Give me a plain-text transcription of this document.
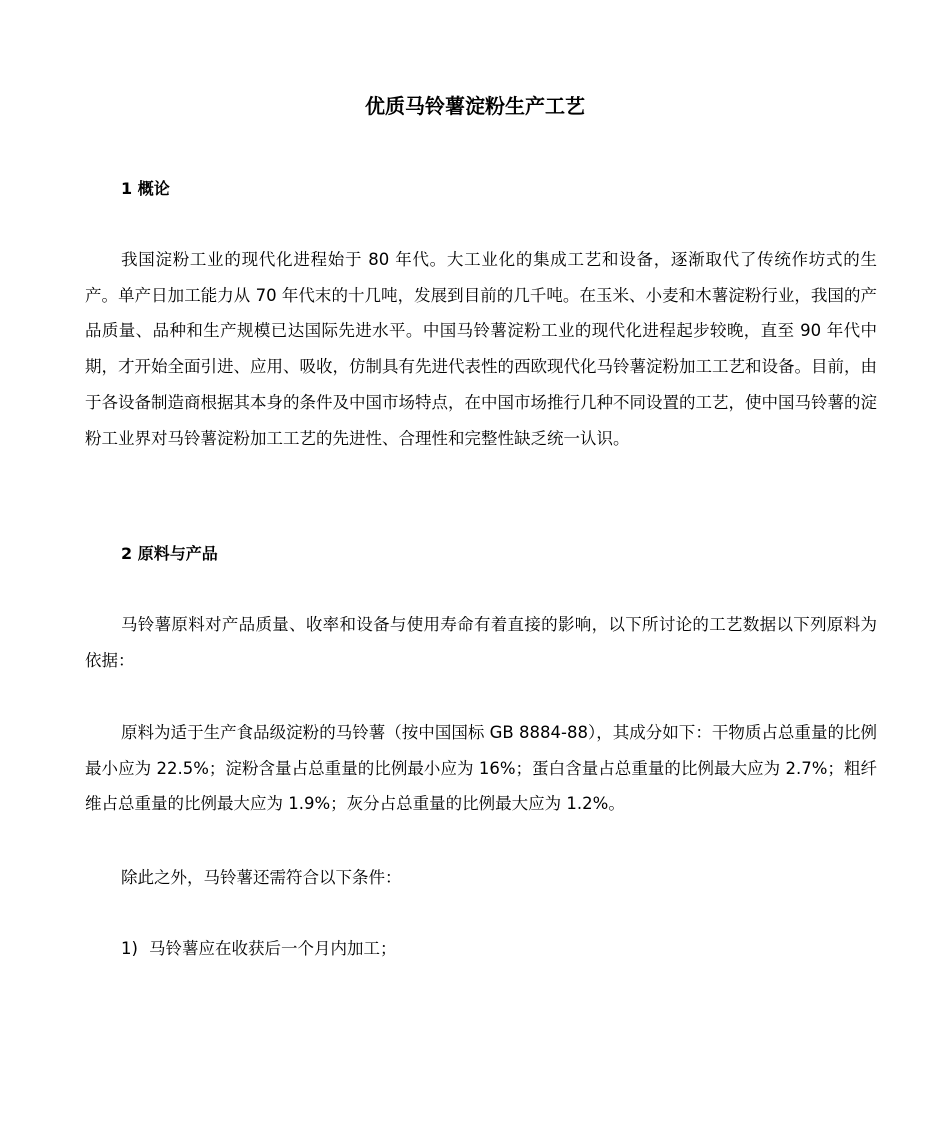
优质马铃薯淀粉生产工艺
1 概论

我国淀粉工业的现代化进程始于 80 年代。大工业化的集成工艺和设备，逐渐取代了传统作坊式的生产。单产日加工能力从 70 年代末的十几吨，发展到目前的几千吨。在玉米、小麦和木薯淀粉行业，我国的产品质量、品种和生产规模已达国际先进水平。中国马铃薯淀粉工业的现代化进程起步较晚，直至 90 年代中期，才开始全面引进、应用、吸收，仿制具有先进代表性的西欧现代化马铃薯淀粉加工工艺和设备。目前，由于各设备制造商根据其本身的条件及中国市场特点，在中国市场推行几种不同设置的工艺，使中国马铃薯的淀粉工业界对马铃薯淀粉加工工艺的先进性、合理性和完整性缺乏统一认识。

2 原料与产品

马铃薯原料对产品质量、收率和设备与使用寿命有着直接的影响，以下所讨论的工艺数据以下列原料为依据：

原料为适于生产食品级淀粉的马铃薯（按中国国标 GB 8884-88），其成分如下：干物质占总重量的比例最小应为 22.5%；淀粉含量占总重量的比例最小应为 16%；蛋白含量占总重量的比例最大应为 2.7%；粗纤维占总重量的比例最大应为 1.9%；灰分占总重量的比例最大应为 1.2%。

除此之外，马铃薯还需符合以下条件：

1) 马铃薯应在收获后一个月内加工；
